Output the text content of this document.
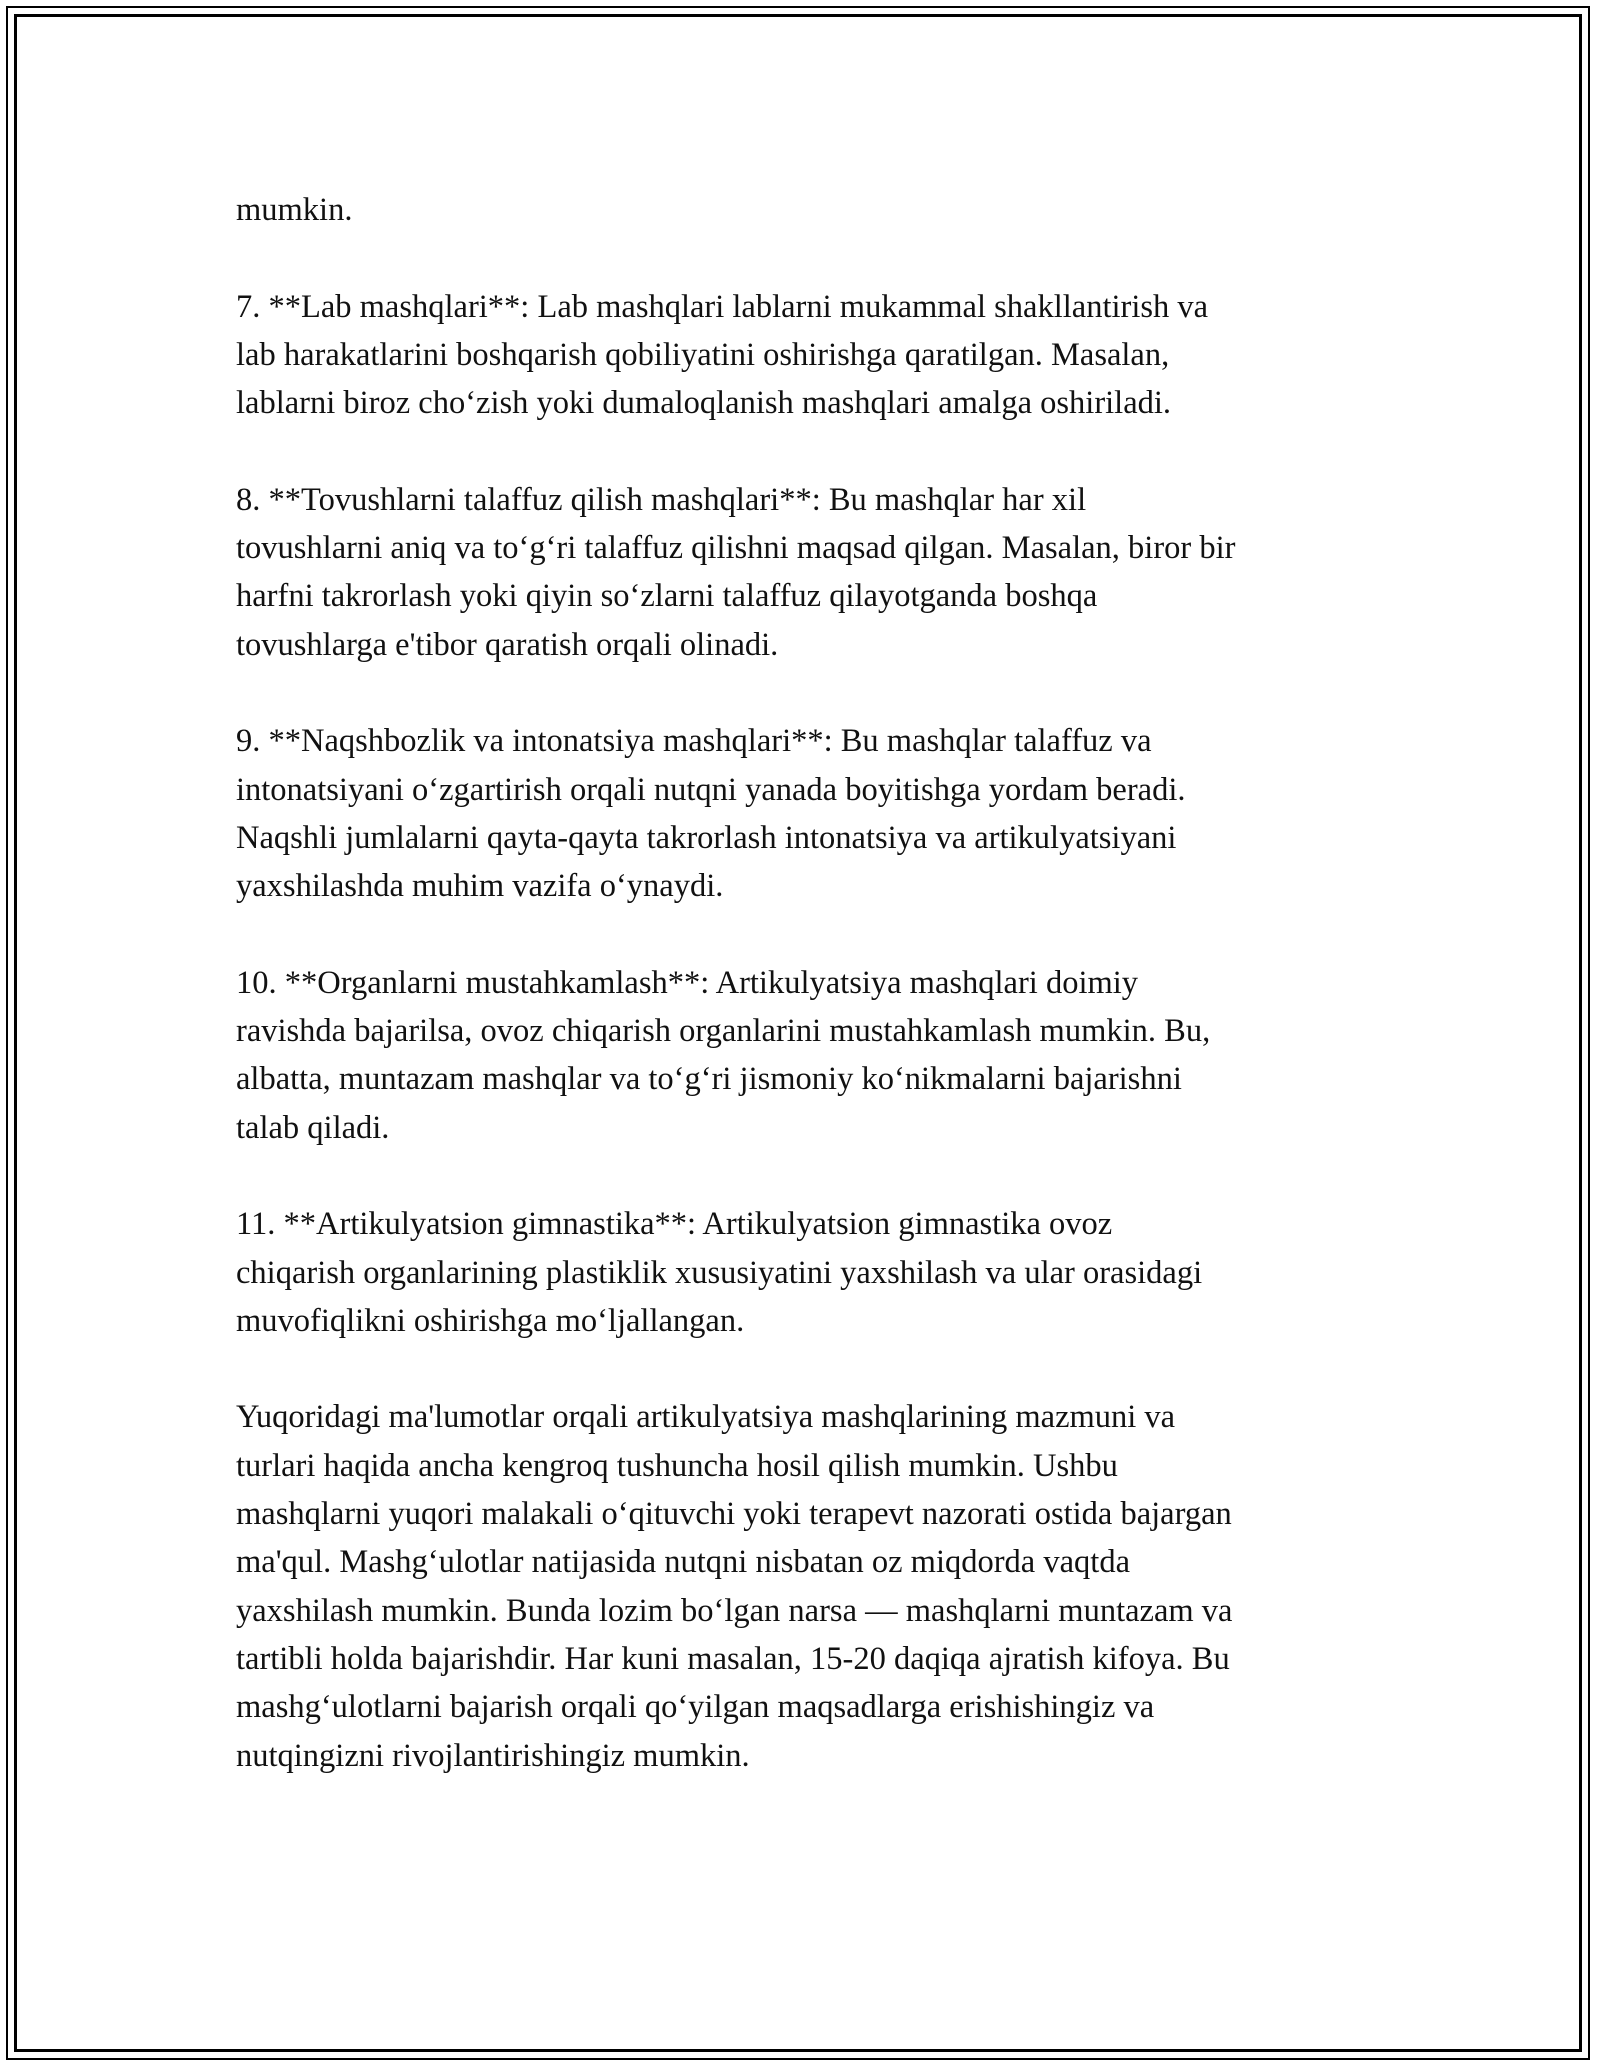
mumkin.

7. **Lab mashqlari**: Lab mashqlari lablarni mukammal shakllantirish va
lab harakatlarini boshqarish qobiliyatini oshirishga qaratilgan. Masalan,
lablarni biroz cho‘zish yoki dumaloqlanish mashqlari amalga oshiriladi.

8. **Tovushlarni talaffuz qilish mashqlari**: Bu mashqlar har xil
tovushlarni aniq va to‘g‘ri talaffuz qilishni maqsad qilgan. Masalan, biror bir
harfni takrorlash yoki qiyin so‘zlarni talaffuz qilayotganda boshqa
tovushlarga e'tibor qaratish orqali olinadi.

9. **Naqshbozlik va intonatsiya mashqlari**: Bu mashqlar talaffuz va
intonatsiyani o‘zgartirish orqali nutqni yanada boyitishga yordam beradi.
Naqshli jumlalarni qayta-qayta takrorlash intonatsiya va artikulyatsiyani
yaxshilashda muhim vazifa o‘ynaydi.

10. **Organlarni mustahkamlash**: Artikulyatsiya mashqlari doimiy
ravishda bajarilsa, ovoz chiqarish organlarini mustahkamlash mumkin. Bu,
albatta, muntazam mashqlar va to‘g‘ri jismoniy ko‘nikmalarni bajarishni
talab qiladi.

11. **Artikulyatsion gimnastika**: Artikulyatsion gimnastika ovoz
chiqarish organlarining plastiklik xususiyatini yaxshilash va ular orasidagi
muvofiqlikni oshirishga mo‘ljallangan.

Yuqoridagi ma'lumotlar orqali artikulyatsiya mashqlarining mazmuni va
turlari haqida ancha kengroq tushuncha hosil qilish mumkin. Ushbu
mashqlarni yuqori malakali o‘qituvchi yoki terapevt nazorati ostida bajargan
ma'qul. Mashg‘ulotlar natijasida nutqni nisbatan oz miqdorda vaqtda
yaxshilash mumkin. Bunda lozim bo‘lgan narsa — mashqlarni muntazam va
tartibli holda bajarishdir. Har kuni masalan, 15-20 daqiqa ajratish kifoya. Bu
mashg‘ulotlarni bajarish orqali qo‘yilgan maqsadlarga erishishingiz va
nutqingizni rivojlantirishingiz mumkin.
